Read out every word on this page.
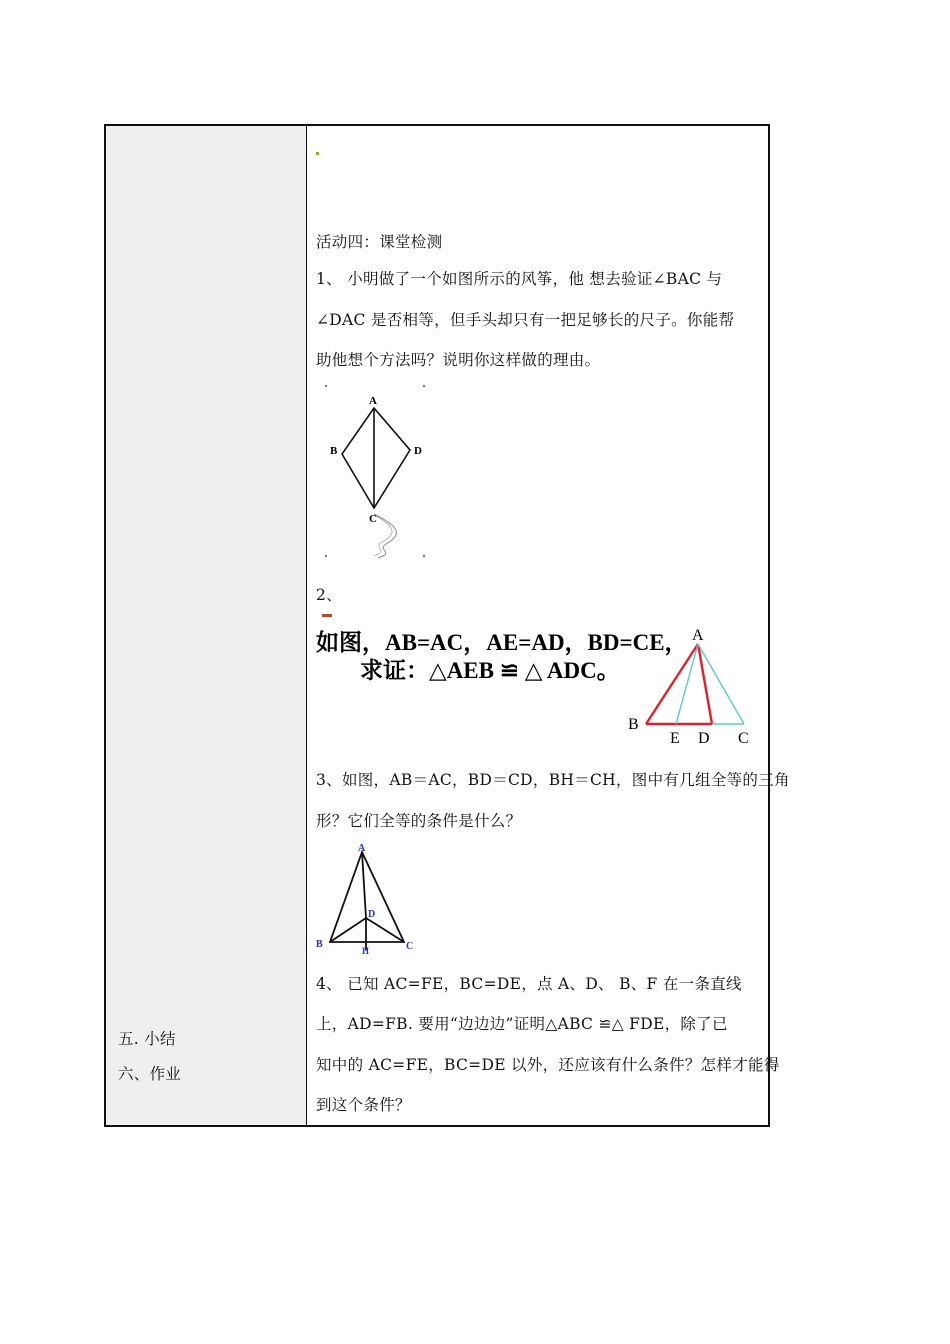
五. 小结
六、作业
活动四：课堂检测
1、 小明做了一个如图所示的风筝，他 想去验证∠BAC 与
∠DAC 是否相等，但手头却只有一把足够长的尺子。你能帮
助他想个方法吗？说明你这样做的理由。
A
B
C
D
2、
如图，AB=AC，AE=AD，BD=CE，
求证：△AEB ≌ △ ADC。
A
B
E D C
3、如图，AB＝AC，BD＝CD，BH＝CH，图中有几组全等的三角
形？它们全等的条件是什么？
A
B	C
D
H
4、 已知 AC=FE，BC=DE，点 A、D、 B、F 在一条直线
上，AD=FB. 要用“边边边”证明△ABC ≌△ FDE，除了已
知中的 AC=FE，BC=DE 以外，还应该有什么条件？怎样才能得
到这个条件？
